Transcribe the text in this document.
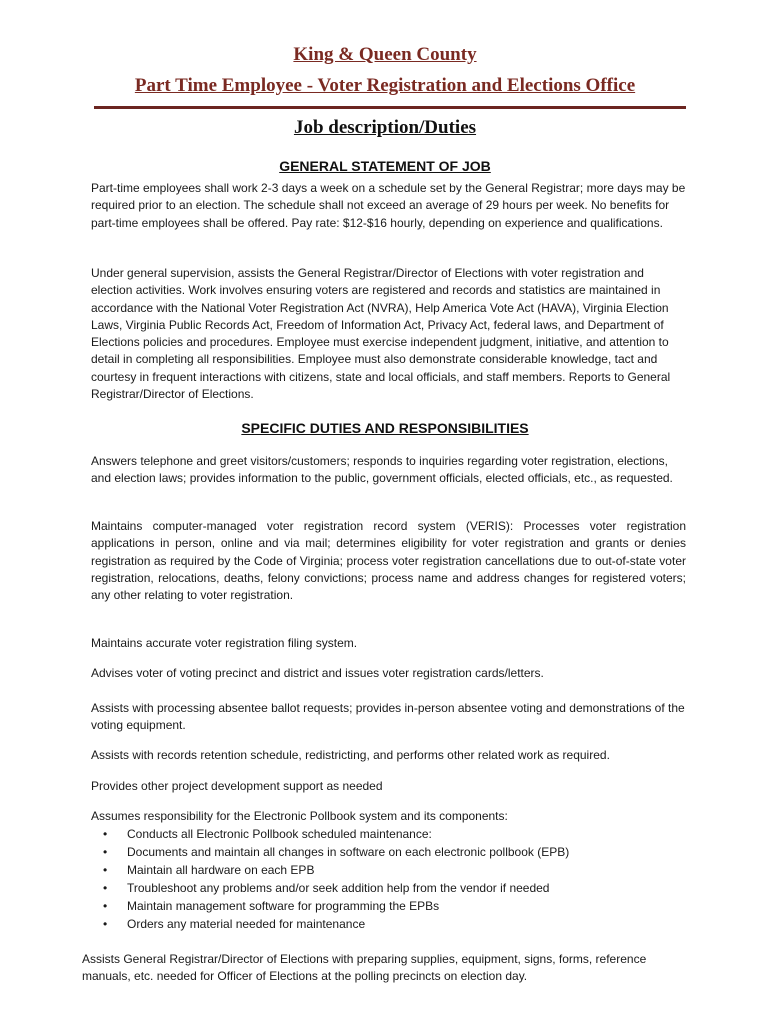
King & Queen County
Part Time Employee - Voter Registration and Elections Office
Job description/Duties
GENERAL STATEMENT OF JOB

Part-time employees shall work 2-3 days a week on a schedule set by the General Registrar; more days may be required prior to an election. The schedule shall not exceed an average of 29 hours per week. No benefits for part-time employees shall be offered. Pay rate: $12-$16 hourly, depending on experience and qualifications.

Under general supervision, assists the General Registrar/Director of Elections with voter registration and election activities. Work involves ensuring voters are registered and records and statistics are maintained in accordance with the National Voter Registration Act (NVRA), Help America Vote Act (HAVA), Virginia Election Laws, Virginia Public Records Act, Freedom of Information Act, Privacy Act, federal laws, and Department of Elections policies and procedures. Employee must exercise independent judgment, initiative, and attention to detail in completing all responsibilities. Employee must also demonstrate considerable knowledge, tact and courtesy in frequent interactions with citizens, state and local officials, and staff members. Reports to General Registrar/Director of Elections.

SPECIFIC DUTIES AND RESPONSIBILITIES

Answers telephone and greet visitors/customers; responds to inquiries regarding voter registration, elections, and election laws; provides information to the public, government officials, elected officials, etc., as requested.

Maintains computer-managed voter registration record system (VERIS): Processes voter registration applications in person, online and via mail; determines eligibility for voter registration and grants or denies registration as required by the Code of Virginia; process voter registration cancellations due to out-of-state voter registration, relocations, deaths, felony convictions; process name and address changes for registered voters; any other relating to voter registration.

Maintains accurate voter registration filing system.

Advises voter of voting precinct and district and issues voter registration cards/letters.

Assists with processing absentee ballot requests; provides in-person absentee voting and demonstrations of the voting equipment.

Assists with records retention schedule, redistricting, and performs other related work as required.

Provides other project development support as needed

Assumes responsibility for the Electronic Pollbook system and its components:

• Conducts all Electronic Pollbook scheduled maintenance:
• Documents and maintain all changes in software on each electronic pollbook (EPB)
• Maintain all hardware on each EPB
• Troubleshoot any problems and/or seek addition help from the vendor if needed
• Maintain management software for programming the EPBs
• Orders any material needed for maintenance

Assists General Registrar/Director of Elections with preparing supplies, equipment, signs, forms, reference manuals, etc. needed for Officer of Elections at the polling precincts on election day.
